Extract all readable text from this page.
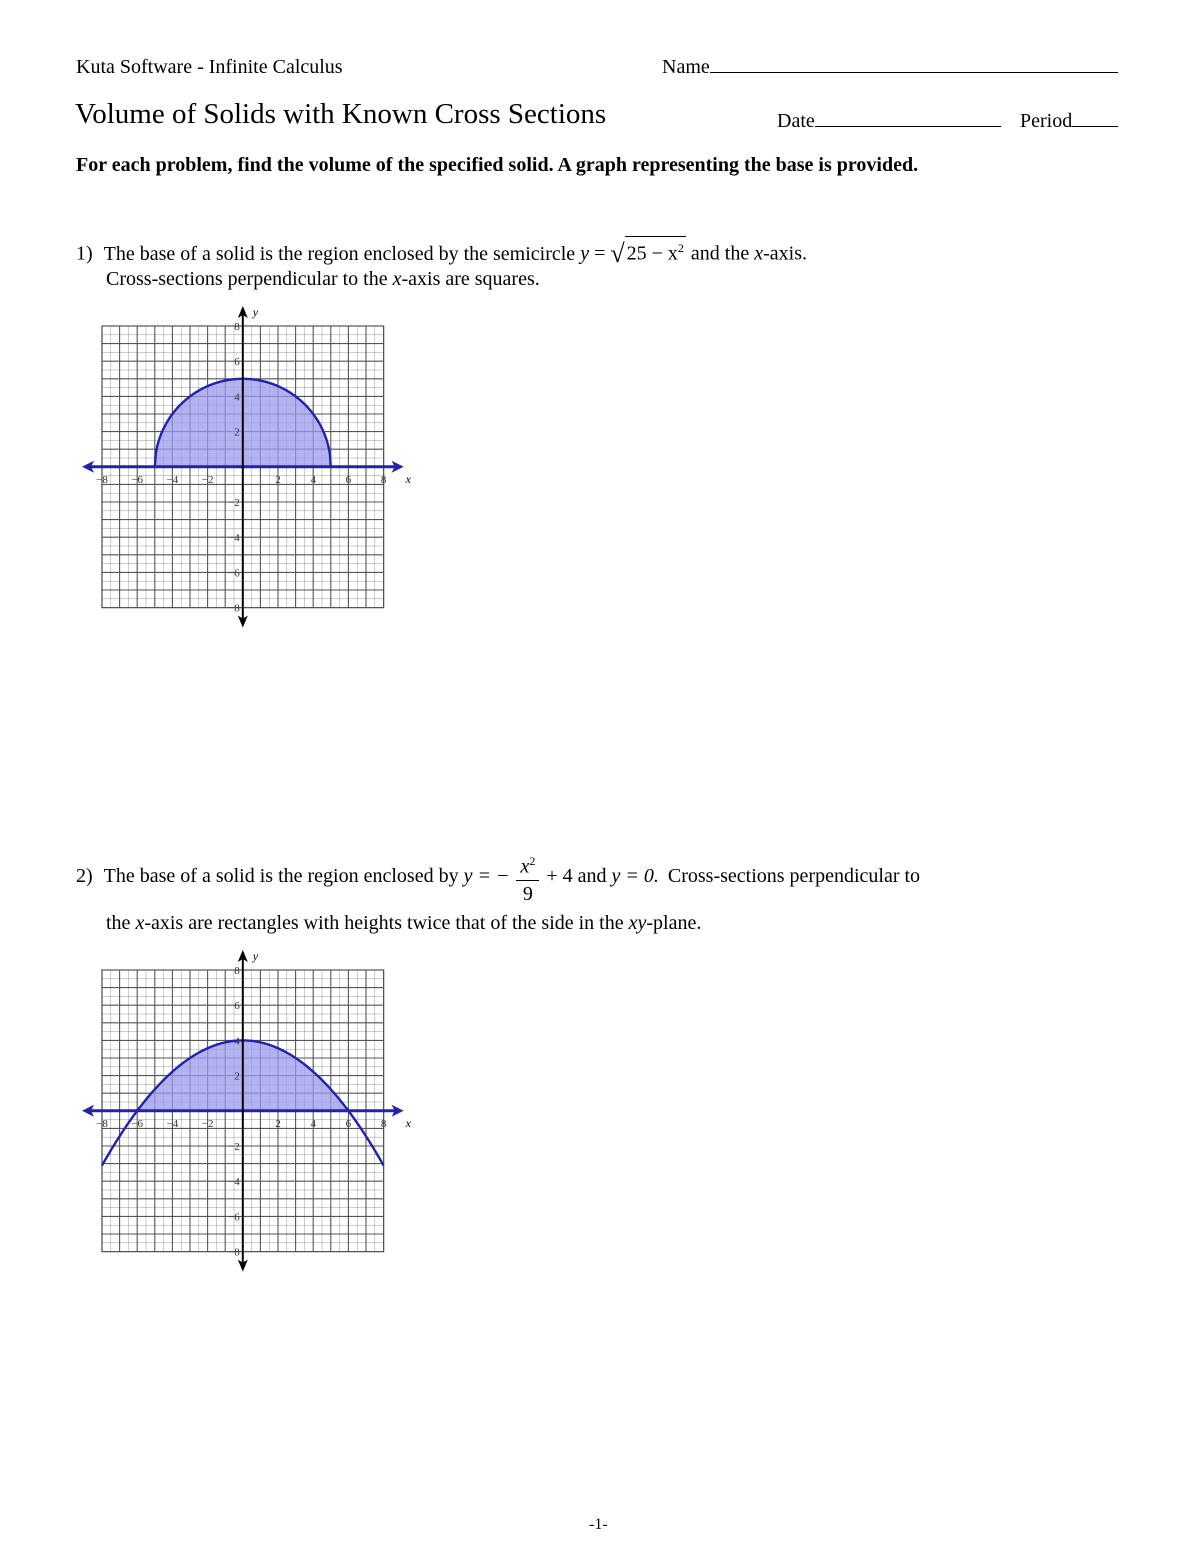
Kuta Software - Infinite Calculus	Name
Volume of Solids with Known Cross Sections	Date	Period
For each problem, find the volume of the specified solid. A graph representing the base is provided.
1) The base of a solid is the region enclosed by the semicircle y = √ $25 - x^2$ and the x-axis.
Cross-sections perpendicular to the x-axis are squares.
−8 −6 −4 −2	2	4	6	8
8
6
4
2
−2
−4
−6
−8
x
y
2) The base of a solid is the region enclosed by y = − $\frac{x^2}{9} + 4$ and y = 0. Cross-sections perpendicular to
the x-axis are rectangles with heights twice that of the side in the xy-plane.
−8 −6 −4 −2	2	4	6	8
8
6
4
2
−2
−4
−6
−8
x
y
-1-
